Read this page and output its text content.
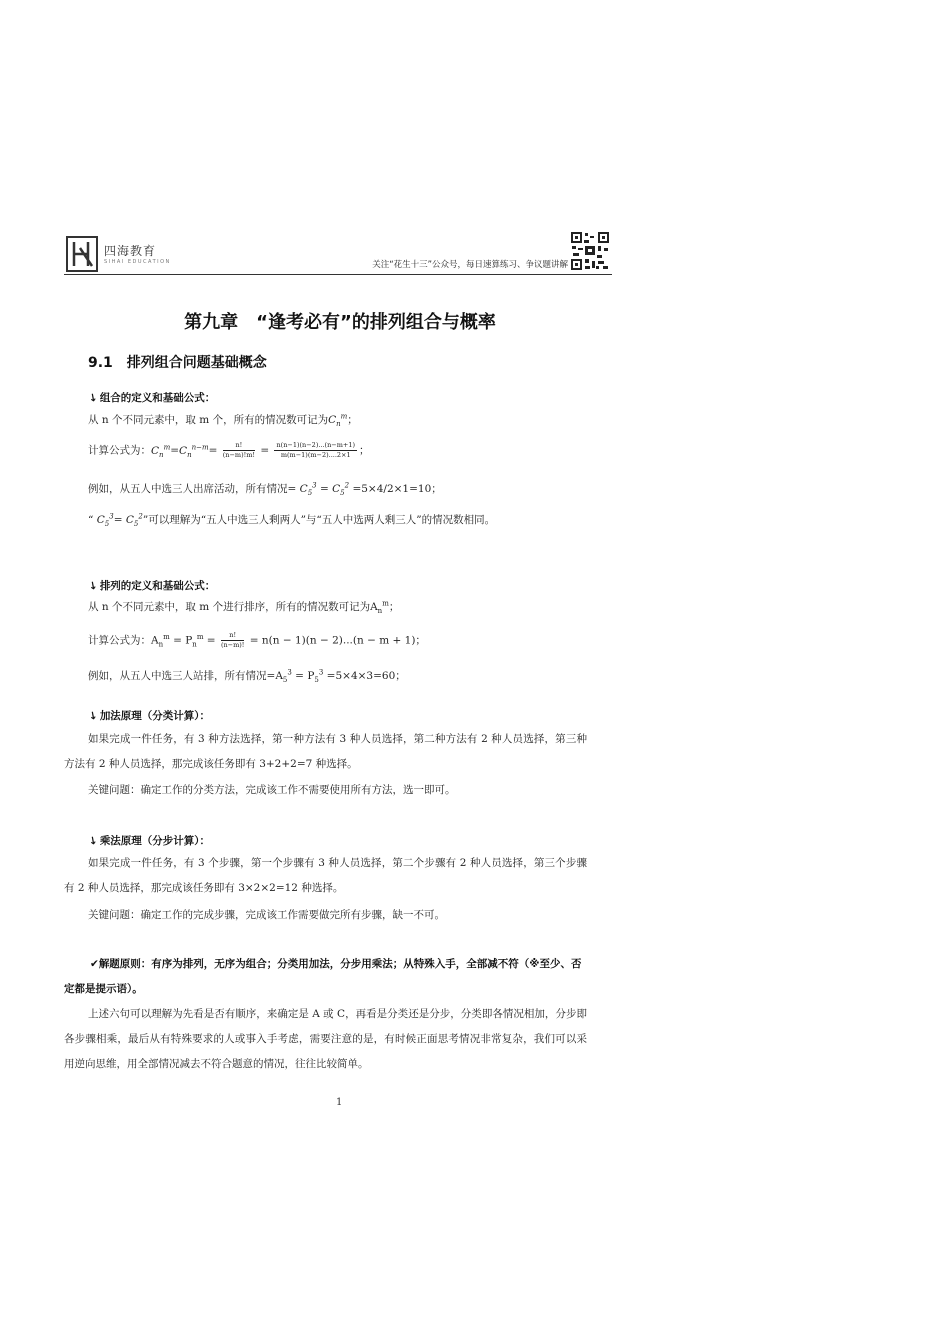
四海教育
SIHAI EDUCATION	关注“花生十三”公众号，每日速算练习、争议题讲解
第九章　“逢考必有”的排列组合与概率
9.1　排列组合问题基础概念
↘组合的定义和基础公式：
从 n 个不同元素中，取 m 个，所有的情况数可记为$C_n^m$；
计算公式为：$C_n^m=C_n^{n-m}= \frac{n!}{(n-m)!m!} = \frac{n(n-1)(n-2)...(n-m+1)}{m(m-1)(m-2)....2\times 1}$ ；
例如，从五人中选三人出席活动，所有情况= $C_5^3 = C_5^2 =5\times 4/2\times 1=10$；
“ $C_5^3= C_5^2$”可以理解为“五人中选三人剩两人”与“五人中选两人剩三人”的情况数相同。
↘排列的定义和基础公式：
从 n 个不同元素中，取 m 个进行排序，所有的情况数可记为$A_n^m$；
计算公式为：$A_n^m = P_n^m = \frac{n!}{(n-m)!} = n(n - 1)(n - 2)...(n - m + 1)$；
例如，从五人中选三人站排，所有情况$=A_5^3 = P_5^3 =5\times 4\times 3=60$；
↘加法原理（分类计算）：
如果完成一件任务，有 3 种方法选择，第一种方法有 3 种人员选择，第二种方法有 2 种人员选择，第三种方法有 2 种人员选择，那完成该任务即有 3+2+2=7 种选择。
关键问题：确定工作的分类方法，完成该工作不需要使用所有方法，选一即可。
↘乘法原理（分步计算）：
如果完成一件任务，有 3 个步骤，第一个步骤有 3 种人员选择，第二个步骤有 2 种人员选择，第三个步骤有 2 种人员选择，那完成该任务即有 3×2×2=12 种选择。
关键问题：确定工作的完成步骤，完成该工作需要做完所有步骤，缺一不可。
✔解题原则：有序为排列，无序为组合；分类用加法，分步用乘法；从特殊入手，全部减不符（※至少、否定都是提示语）。
上述六句可以理解为先看是否有顺序，来确定是 A 或 C，再看是分类还是分步，分类即各情况相加，分步即各步骤相乘，最后从有特殊要求的人或事入手考虑，需要注意的是，有时候正面思考情况非常复杂，我们可以采用逆向思维，用全部情况减去不符合题意的情况，往往比较简单。
1
